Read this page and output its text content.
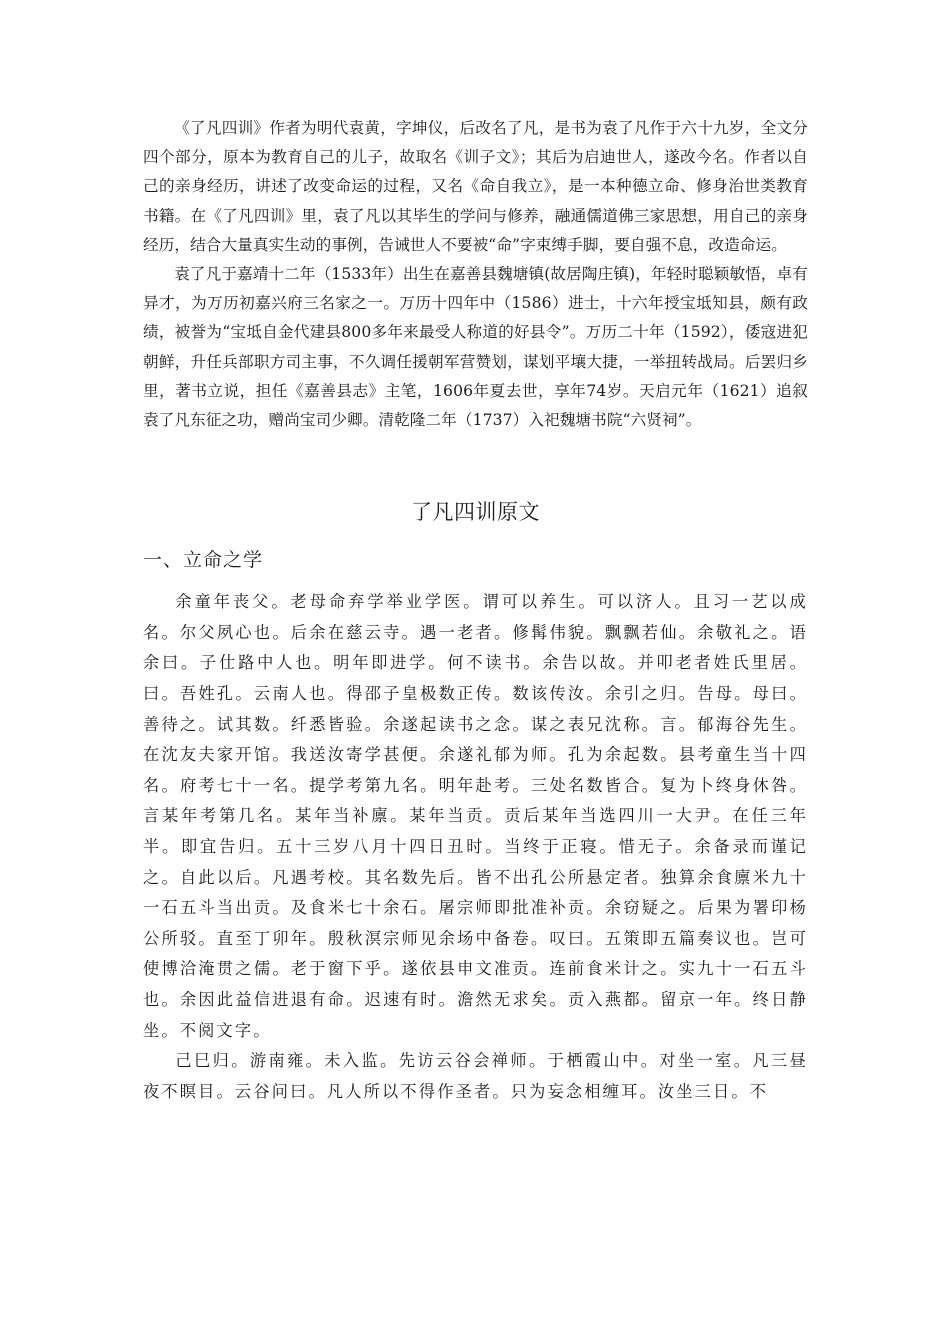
《了凡四训》作者为明代袁黄，字坤仪，后改名了凡，是书为袁了凡作于六十九岁，全文分四个部分，原本为教育自己的儿子，故取名《训子文》；其后为启迪世人，遂改今名。作者以自己的亲身经历，讲述了改变命运的过程，又名《命自我立》，是一本种德立命、修身治世类教育书籍。在《了凡四训》里，袁了凡以其毕生的学问与修养，融通儒道佛三家思想，用自己的亲身经历，结合大量真实生动的事例，告诫世人不要被“命”字束缚手脚，要自强不息，改造命运。

袁了凡于嘉靖十二年（1533年）出生在嘉善县魏塘镇(故居陶庄镇)，年轻时聪颖敏悟，卓有异才，为万历初嘉兴府三名家之一。万历十四年中（1586）进士，十六年授宝坻知县，颇有政绩，被誉为“宝坻自金代建县800多年来最受人称道的好县令”。万历二十年（1592），倭寇进犯朝鲜，升任兵部职方司主事，不久调任援朝军营赞划，谋划平壤大捷，一举扭转战局。后罢归乡里，著书立说，担任《嘉善县志》主笔，1606年夏去世，享年74岁。天启元年（1621）追叙袁了凡东征之功，赠尚宝司少卿。清乾隆二年（1737）入祀魏塘书院“六贤祠”。

了凡四训原文
一、立命之学

余童年丧父。老母命弃学举业学医。谓可以养生。可以济人。且习一艺以成名。尔父夙心也。后余在慈云寺。遇一老者。修髯伟貌。飘飘若仙。余敬礼之。语余曰。子仕路中人也。明年即进学。何不读书。余告以故。并叩老者姓氏里居。曰。吾姓孔。云南人也。得邵子皇极数正传。数该传汝。余引之归。告母。母曰。善待之。试其数。纤悉皆验。余遂起读书之念。谋之表兄沈称。言。郁海谷先生。在沈友夫家开馆。我送汝寄学甚便。余遂礼郁为师。孔为余起数。县考童生当十四名。府考七十一名。提学考第九名。明年赴考。三处名数皆合。复为卜终身休咎。言某年考第几名。某年当补廪。某年当贡。贡后某年当选四川一大尹。在任三年半。即宜告归。五十三岁八月十四日丑时。当终于正寝。惜无子。余备录而谨记之。自此以后。凡遇考校。其名数先后。皆不出孔公所悬定者。独算余食廪米九十一石五斗当出贡。及食米七十余石。屠宗师即批准补贡。余窃疑之。后果为署印杨公所驳。直至丁卯年。殷秋溟宗师见余场中备卷。叹曰。五策即五篇奏议也。岂可使博洽淹贯之儒。老于窗下乎。遂依县申文准贡。连前食米计之。实九十一石五斗也。余因此益信进退有命。迟速有时。澹然无求矣。贡入燕都。留京一年。终日静坐。不阅文字。

己巳归。游南雍。未入监。先访云谷会禅师。于栖霞山中。对坐一室。凡三昼夜不瞑目。云谷问曰。凡人所以不得作圣者。只为妄念相缠耳。汝坐三日。不
